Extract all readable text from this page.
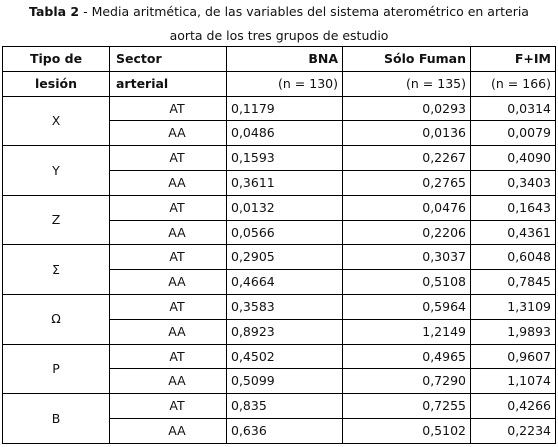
Tabla 2 - Media aritmética, de las variables del sistema aterométrico en arteria
aorta de los tres grupos de estudio
Tipo de	Sector	BNA	Sólo Fuman	F+IM
lesión	arterial	(n = 130)	(n = 135)	(n = 166)
X	AT	0,1179	0,0293	0,0314
	AA	0,0486	0,0136	0,0079
Y	AT	0,1593	0,2267	0,4090
	AA	0,3611	0,2765	0,3403
Z	AT	0,0132	0,0476	0,1643
	AA	0,0566	0,2206	0,4361
Σ	AT	0,2905	0,3037	0,6048
	AA	0,4664	0,5108	0,7845
Ω	AT	0,3583	0,5964	1,3109
	AA	0,8923	1,2149	1,9893
P	AT	0,4502	0,4965	0,9607
	AA	0,5099	0,7290	1,1074
B	AT	0,835	0,7255	0,4266
	AA	0,636	0,5102	0,2234
